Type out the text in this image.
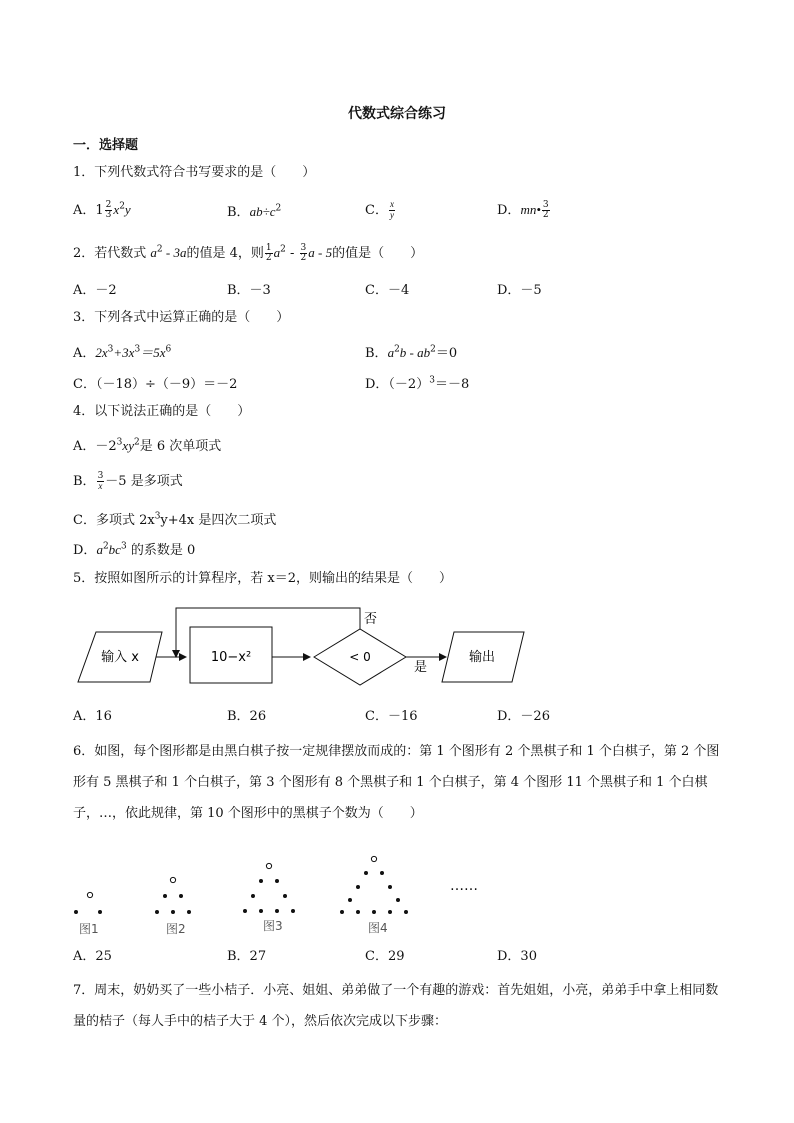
代数式综合练习
一．选择题
1．下列代数式符合书写要求的是（　　）
A．$1 \frac{2}{3} x^2y$	B．$ab\div c^2$	C． $\frac{x}{y}$	D．mn• $\frac{3}{2}$
2．若代数式 $a^2 - 3a$的值是 4，则 $\frac{1}{2} a^2 - \frac{3}{2}$ a - 5的值是（　　）
A．－2	B．－3	C．－4	D．－5
3．下列各式中运算正确的是（　　）
A．$2x^3+3x^3=5x^6$	B．$a^2b - ab^2=0$
C．（－18）÷（－9）＝－2	D．$(-2)^3=-8$
4．以下说法正确的是（　　）
A．$-2^3xy^2$是 6 次单项式
B． $\frac{3}{x}-5$ 是多项式
C．多项式 $2x^3y+4x$ 是四次二项式
D．$a^2bc^3$ 的系数是 0
5．按照如图所示的计算程序，若 x＝2，则输出的结果是（　　）
输入 x	10−x²	< 0
否
是
输出
A．16	B．26	C．－16	D．－26
6．如图，每个图形都是由黑白棋子按一定规律摆放而成的：第 1 个图形有 2 个黑棋子和 1 个白棋子，第 2 个图形有 5 黑棋子和 1 个白棋子，第 3 个图形有 8 个黑棋子和 1 个白棋子，第 4 个图形 11 个黑棋子和 1 个白棋子，…，依此规律，第 10 个图形中的黑棋子个数为（　　）
图1	图2	图3	图4
……
A．25	B．27	C．29	D．30
7．周末，奶奶买了一些小桔子．小亮、姐姐、弟弟做了一个有趣的游戏：首先姐姐，小亮，弟弟手中拿上相同数量的桔子（每人手中的桔子大于 4 个），然后依次完成以下步骤：
